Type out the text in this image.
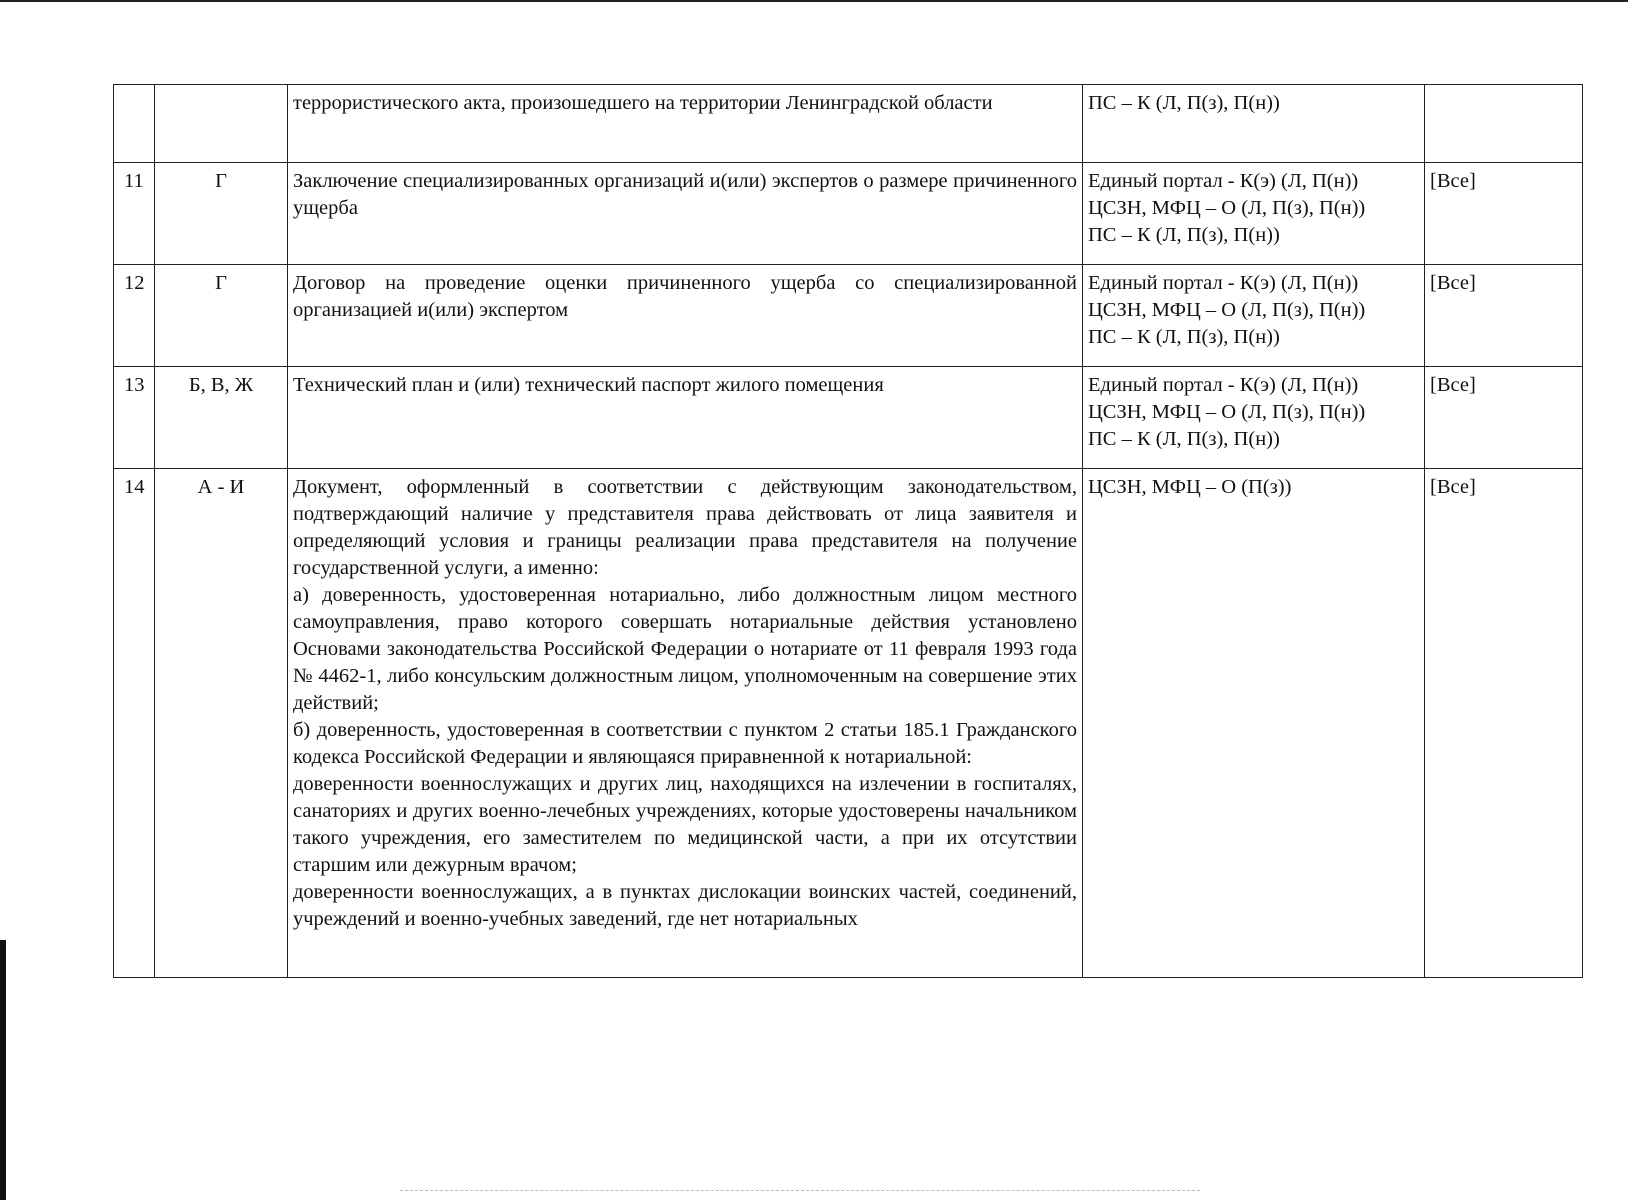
		террористического акта, произошедшего на территории Ленинградской области	ПС – К (Л, П(з), П(н))	

11	Г	Заключение специализированных организаций и(или) экспертов о размере причиненного ущерба	Единый портал - К(э) (Л, П(н))
ЦСЗН, МФЦ – О (Л, П(з), П(н))
ПС – К (Л, П(з), П(н))	[Все]
12	Г	Договор на проведение оценки причиненного ущерба со специализированной организацией и(или) экспертом	Единый портал - К(э) (Л, П(н))
ЦСЗН, МФЦ – О (Л, П(з), П(н))
ПС – К (Л, П(з), П(н))	[Все]
13	Б, В, Ж	Технический план и (или) технический паспорт жилого помещения	Единый портал - К(э) (Л, П(н))
ЦСЗН, МФЦ – О (Л, П(з), П(н))
ПС – К (Л, П(з), П(н))	[Все]
14	А - И	Документ, оформленный в соответствии с действующим законодательством, подтверждающий наличие у представителя права действовать от лица заявителя и определяющий условия и границы реализации права представителя на получение государственной услуги, а именно:
а) доверенность, удостоверенная нотариально, либо должностным лицом местного самоуправления, право которого совершать нотариальные действия установлено Основами законодательства Российской Федерации о нотариате от 11 февраля 1993 года № 4462-1, либо консульским должностным лицом, уполномоченным на совершение этих действий;
б) доверенность, удостоверенная в соответствии с пунктом 2 статьи 185.1 Гражданского кодекса Российской Федерации и являющаяся приравненной к нотариальной:
доверенности военнослужащих и других лиц, находящихся на излечении в госпиталях, санаториях и других военно-лечебных учреждениях, которые удостоверены начальником такого учреждения, его заместителем по медицинской части, а при их отсутствии старшим или дежурным врачом;
доверенности военнослужащих, а в пунктах дислокации воинских частей, соединений, учреждений и военно-учебных заведений, где нет нотариальных	ЦСЗН, МФЦ – О (П(з))	[Все]
